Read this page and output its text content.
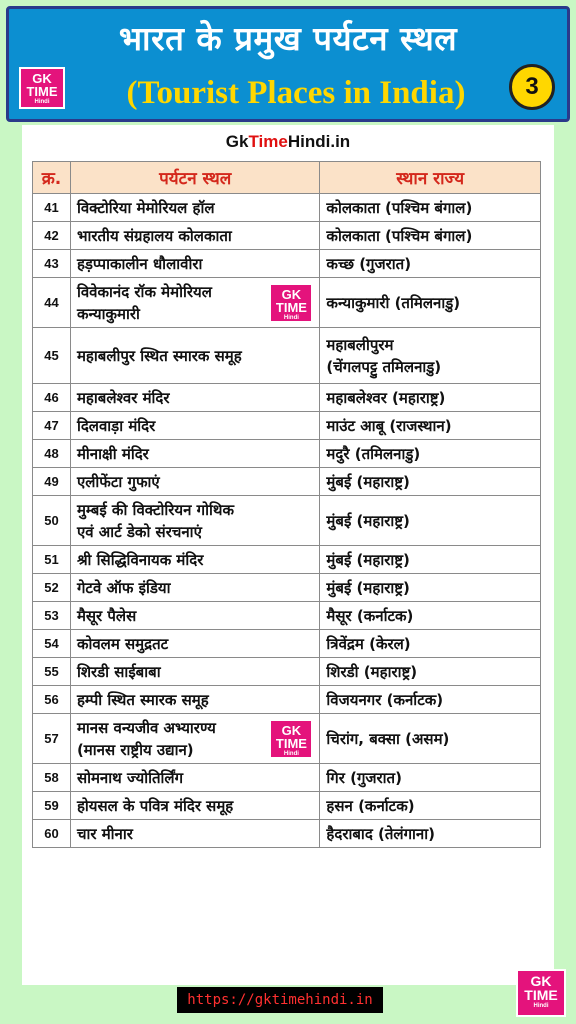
भारत के प्रमुख पर्यटन स्थल
GK
TIME
Hindi	(Tourist Places in India)	3
GkTimeHindi.in
क्र.	पर्यटन स्थल	स्थान राज्य
41	विक्टोरिया मेमोरियल हॉल	कोलकाता (पश्चिम बंगाल)

42	भारतीय संग्रहालय कोलकाता	कोलकाता (पश्चिम बंगाल)

43	हड़प्पाकालीन धौलावीरा	कच्छ (गुजरात)

44	विवेकानंद रॉक मेमोरियल
कन्याकुमारी
GK
TIME
Hindi	कन्याकुमारी (तमिलनाडु)

45	महाबलीपुर स्थित स्मारक समूह	महाबलीपुरम
(चेंगलपट्टु तमिलनाडु)

46	महाबलेश्वर मंदिर	महाबलेश्वर (महाराष्ट्र)

47	दिलवाड़ा मंदिर	माउंट आबू (राजस्थान)

48	मीनाक्षी मंदिर	मदुरै (तमिलनाडु)

49	एलीफेंटा गुफाएं	मुंबई (महाराष्ट्र)

50	मुम्बई की विक्टोरियन गोथिक
एवं आर्ट डेको संरचनाएं	मुंबई (महाराष्ट्र)

51	श्री सिद्धिविनायक मंदिर	मुंबई (महाराष्ट्र)

52	गेटवे ऑफ इंडिया	मुंबई (महाराष्ट्र)

53	मैसूर पैलेस	मैसूर (कर्नाटक)

54	कोवलम समुद्रतट	त्रिवेंद्रम (केरल)

55	शिरडी साईबाबा	शिरडी (महाराष्ट्र)

56	हम्पी स्थित स्मारक समूह	विजयनगर (कर्नाटक)

57	मानस वन्यजीव अभ्यारण्य
(मानस राष्ट्रीय उद्यान)
GK
TIME
Hindi	चिरांग, बक्सा (असम)

58	सोमनाथ ज्योतिर्लिंग	गिर (गुजरात)

59	होयसल के पवित्र मंदिर समूह	हसन (कर्नाटक)

60	चार मीनार	हैदराबाद (तेलंगाना)
https://gktimehindi.in
GK
TIME
Hindi
